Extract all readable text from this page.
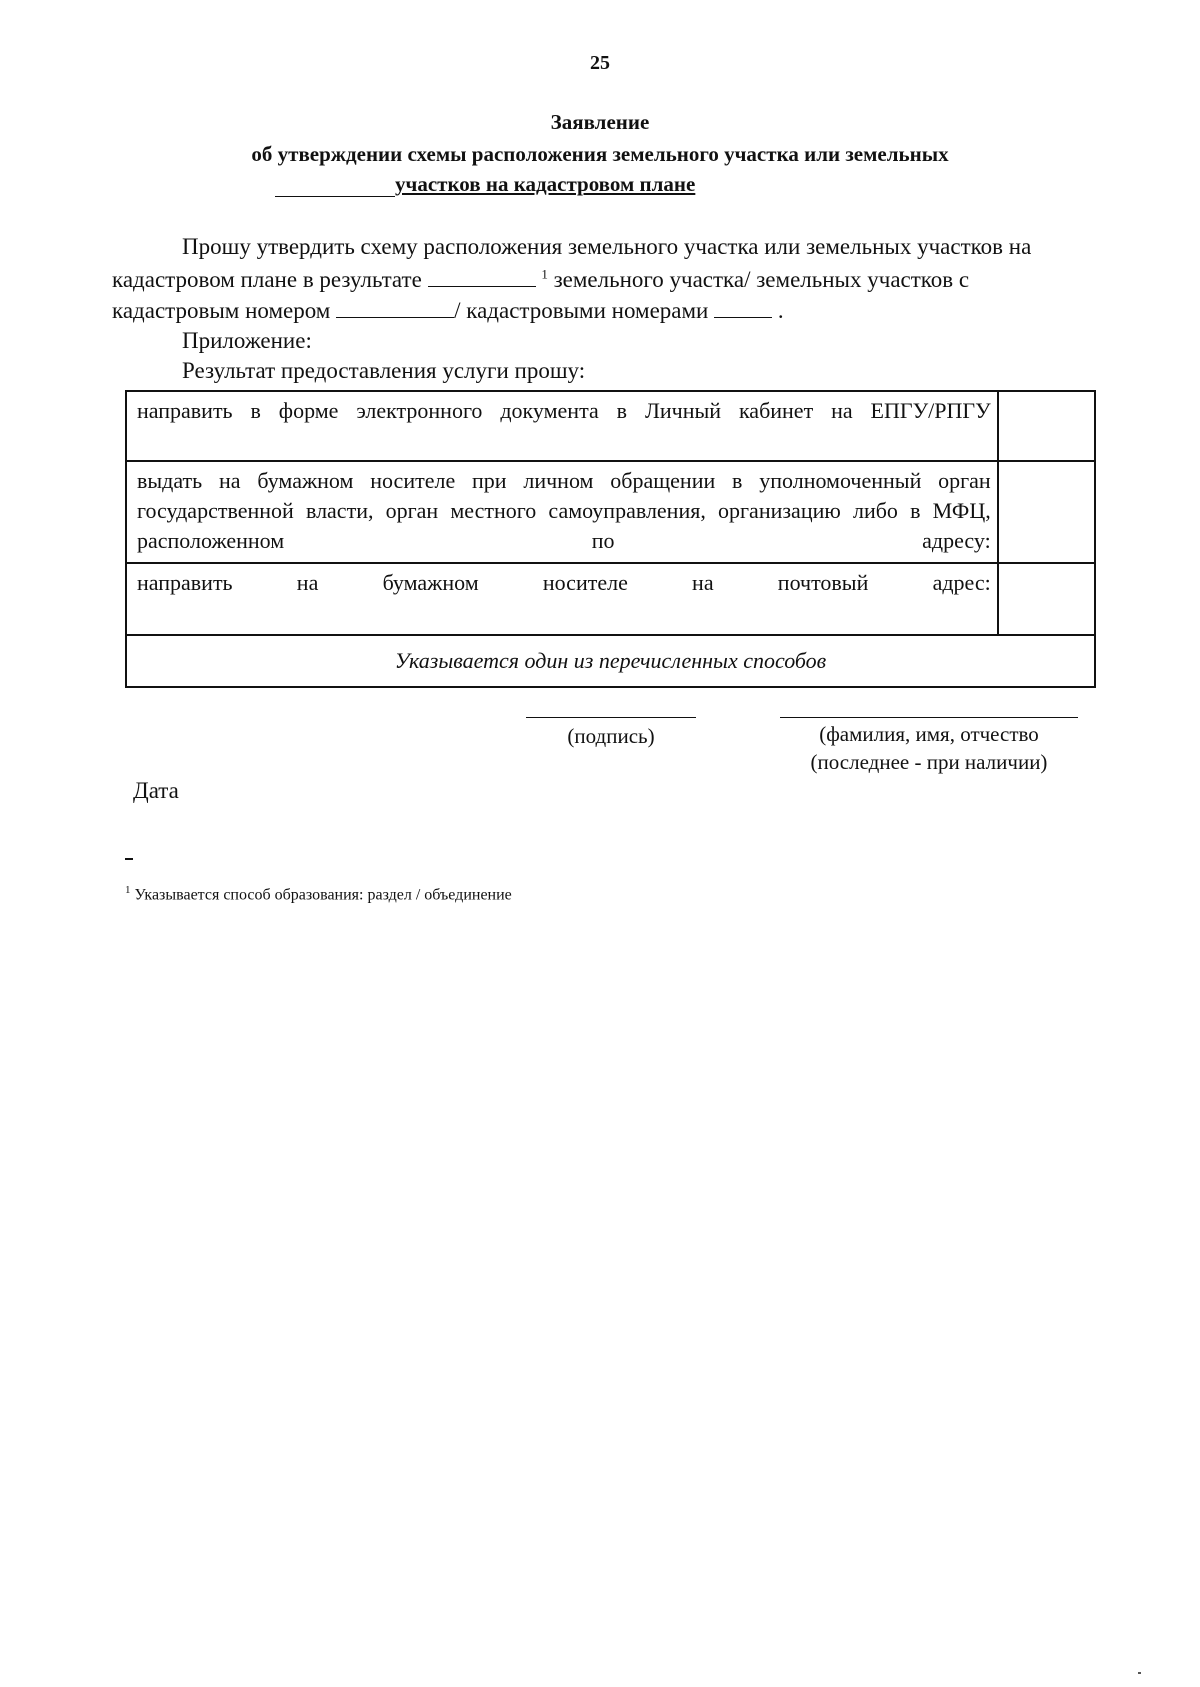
25
Заявление
об утверждении схемы расположения земельного участка или земельных
участков на кадастровом плане
Прошу утвердить схему расположения земельного участка или земельных участков на
кадастровом плане в результате	$^1$ земельного участка/ земельных участков с
кадастровым номером	/ кадастровыми номерами	.
Приложение:
Результат предоставления услуги прошу:
направить в форме электронного документа в Личный кабинет на ЕПГУ/РПГУ	
выдать на бумажном носителе при личном обращении в уполномоченный орган государственной власти, орган местного самоуправления, организацию либо в МФЦ, расположенном по адресу:	
направить на бумажном носителе на почтовый адрес:	
Указывается один из перечисленных способов	
(подпись)	(фамилия, имя, отчество
(последнее - при наличии)
Дата
$^1$ Указывается способ образования: раздел / объединение
